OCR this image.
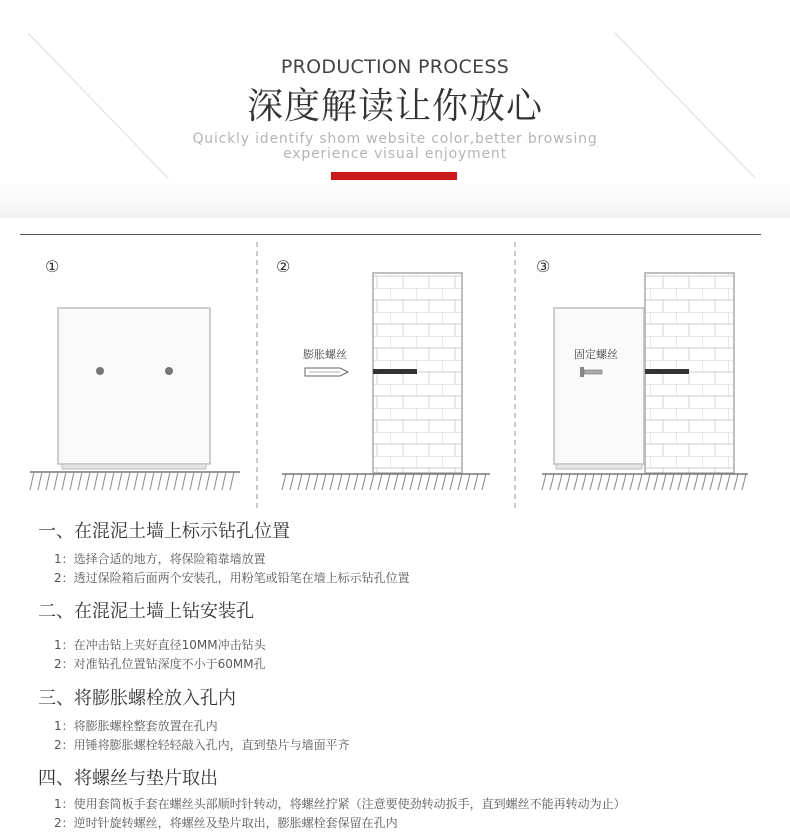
PRODUCTION PROCESS
深度解读让你放心
Quickly identify shom website color,better browsing
experience visual enjoyment
①	②
膨胀螺丝
③
固定螺丝
一、在混泥土墙上标示钻孔位置
1：选择合适的地方，将保险箱靠墙放置
2：透过保险箱后面两个安装孔，用粉笔或铅笔在墙上标示钻孔位置
二、在混泥土墙上钻安装孔
1：在冲击钻上夹好直径10MM冲击钻头
2：对准钻孔位置钻深度不小于60MM孔
三、将膨胀螺栓放入孔内
1：将膨胀螺栓整套放置在孔内
2：用锤将膨胀螺栓轻轻敲入孔内，直到垫片与墙面平齐
四、将螺丝与垫片取出
1：使用套筒板手套在螺丝头部顺时针转动，将螺丝拧紧（注意要使劲转动扳手，直到螺丝不能再转动为止）
2：逆时针旋转螺丝，将螺丝及垫片取出，膨胀螺栓套保留在孔内
